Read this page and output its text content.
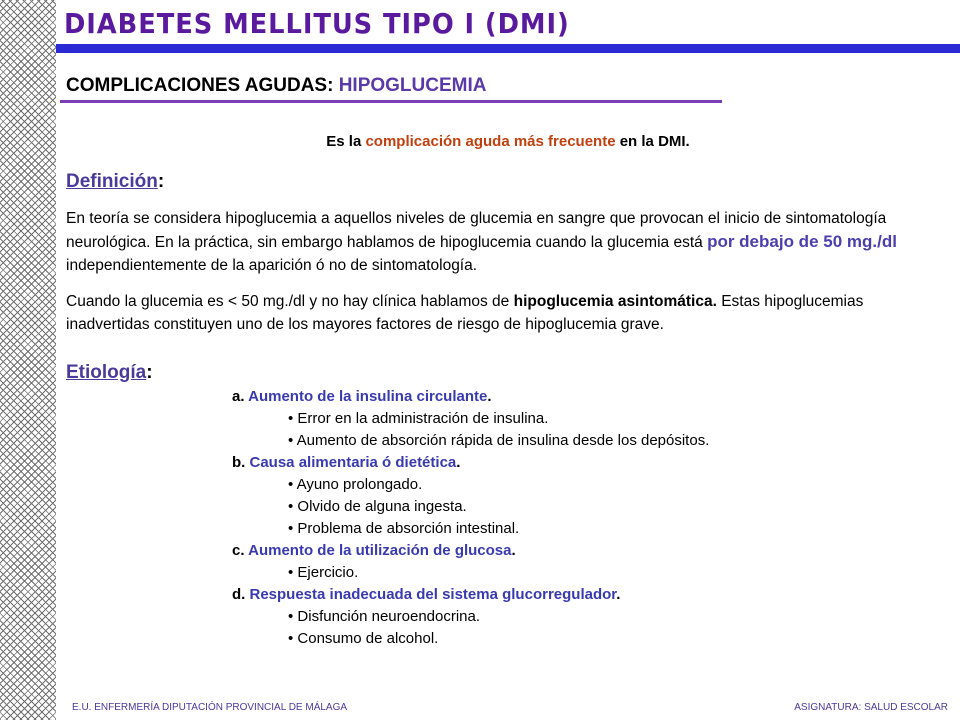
DIABETES MELLITUS TIPO I (DMI)
COMPLICACIONES AGUDAS: HIPOGLUCEMIA
Es la complicación aguda más frecuente en la DMI.
Definición:

En teoría se considera hipoglucemia a aquellos niveles de glucemia en sangre que provocan el inicio de sintomatología neurológica. En la práctica, sin embargo hablamos de hipoglucemia cuando la glucemia está por debajo de 50 mg./dl independientemente de la aparición ó no de sintomatología.

Cuando la glucemia es < 50 mg./dl y no hay clínica hablamos de hipoglucemia asintomática. Estas hipoglucemias inadvertidas constituyen uno de los mayores factores de riesgo de hipoglucemia grave.

Etiología:
a. Aumento de la insulina circulante.
• Error en la administración de insulina.
• Aumento de absorción rápida de insulina desde los depósitos.
b. Causa alimentaria ó dietética.
• Ayuno prolongado.
• Olvido de alguna ingesta.
• Problema de absorción intestinal.
c. Aumento de la utilización de glucosa.
• Ejercicio.
d. Respuesta inadecuada del sistema glucorregulador.
• Disfunción neuroendocrina.
• Consumo de alcohol.
E.U. ENFERMERÍA DIPUTACIÓN PROVINCIAL DE MÁLAGA	ASIGNATURA: SALUD ESCOLAR
